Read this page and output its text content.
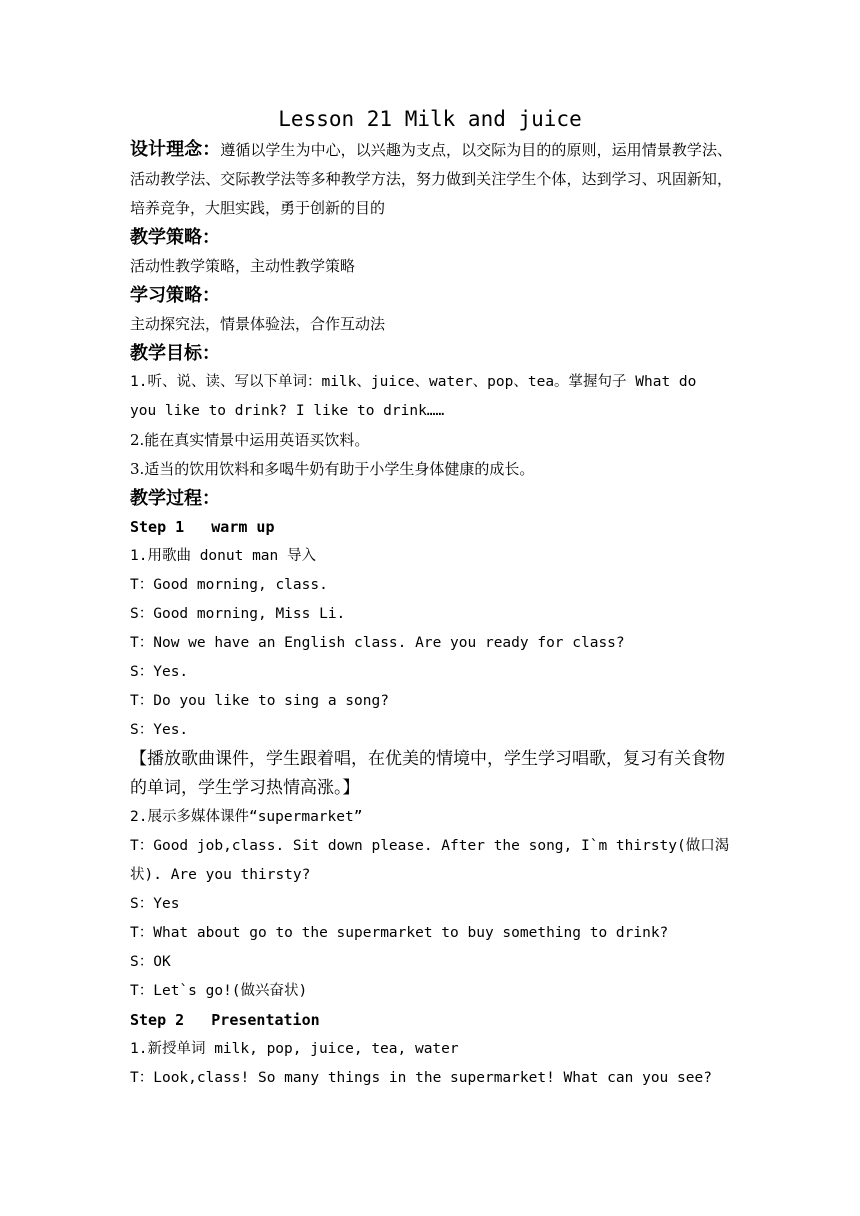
Lesson 21 Milk and juice
设计理念：遵循以学生为中心，以兴趣为支点，以交际为目的的原则，运用情景教学法、活动教学法、交际教学法等多种教学方法，努力做到关注学生个体，达到学习、巩固新知，培养竞争，大胆实践，勇于创新的目的
教学策略：
活动性教学策略，主动性教学策略
学习策略：
主动探究法，情景体验法，合作互动法
教学目标：
1.听、说、读、写以下单词：milk、juice、water、pop、tea。掌握句子 What do
you like to drink? I like to drink……
2.能在真实情景中运用英语买饮料。
3.适当的饮用饮料和多喝牛奶有助于小学生身体健康的成长。
教学过程：
Step 1   warm up
1.用歌曲 donut man 导入
T：Good morning, class.
S：Good morning, Miss Li.
T：Now we have an English class. Are you ready for class?
S：Yes.
T：Do you like to sing a song?
S：Yes.
【播放歌曲课件，学生跟着唱，在优美的情境中，学生学习唱歌，复习有关食物
的单词，学生学习热情高涨。】
2.展示多媒体课件“supermarket”
T：Good job,class. Sit down please. After the song, I`m thirsty(做口渴
状). Are you thirsty?
S：Yes
T：What about go to the supermarket to buy something to drink?
S：OK
T：Let`s go!(做兴奋状)
Step 2   Presentation
1.新授单词 milk, pop, juice, tea, water
T：Look,class! So many things in the supermarket! What can you see?
